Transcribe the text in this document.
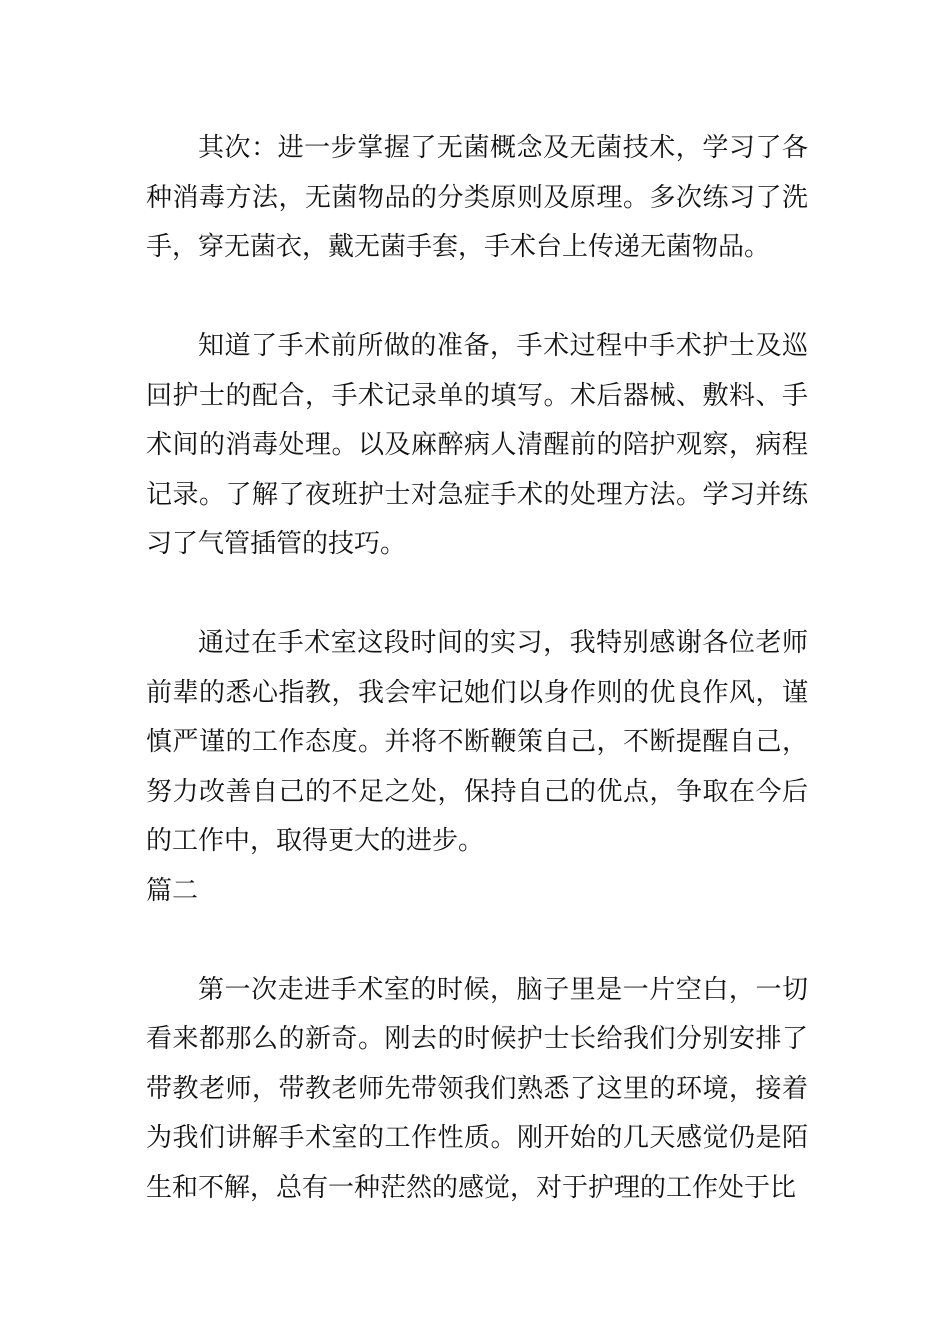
其次：进一步掌握了无菌概念及无菌技术，学习了各种消毒方法，无菌物品的分类原则及原理。多次练习了洗手，穿无菌衣，戴无菌手套，手术台上传递无菌物品。

知道了手术前所做的准备，手术过程中手术护士及巡回护士的配合，手术记录单的填写。术后器械、敷料、手术间的消毒处理。以及麻醉病人清醒前的陪护观察，病程记录。了解了夜班护士对急症手术的处理方法。学习并练习了气管插管的技巧。

通过在手术室这段时间的实习，我特别感谢各位老师前辈的悉心指教，我会牢记她们以身作则的优良作风，谨慎严谨的工作态度。并将不断鞭策自己，不断提醒自己，努力改善自己的不足之处，保持自己的优点，争取在今后的工作中，取得更大的进步。

篇二

第一次走进手术室的时候，脑子里是一片空白，一切看来都那么的新奇。刚去的时候护士长给我们分别安排了带教老师，带教老师先带领我们熟悉了这里的环境，接着为我们讲解手术室的工作性质。刚开始的几天感觉仍是陌生和不解，总有一种茫然的感觉，对于护理的工作处于比
